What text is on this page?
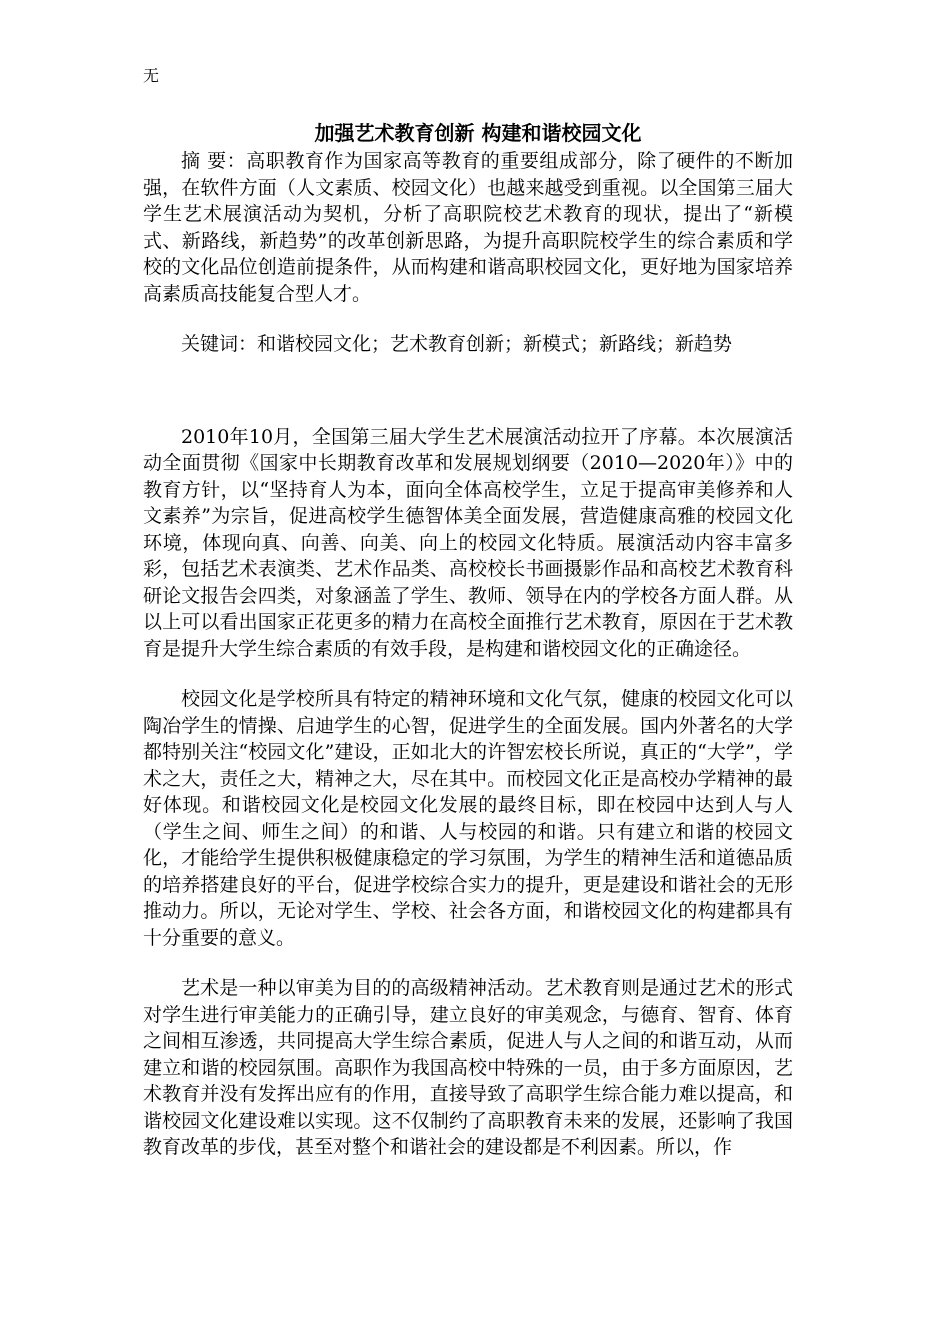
无
加强艺术教育创新 构建和谐校园文化

摘 要：高职教育作为国家高等教育的重要组成部分，除了硬件的不断加强，在软件方面（人文素质、校园文化）也越来越受到重视。以全国第三届大学生艺术展演活动为契机，分析了高职院校艺术教育的现状，提出了“新模式、新路线，新趋势”的改革创新思路，为提升高职院校学生的综合素质和学校的文化品位创造前提条件，从而构建和谐高职校园文化，更好地为国家培养高素质高技能复合型人才。

关键词：和谐校园文化；艺术教育创新；新模式；新路线；新趋势

2010年10月，全国第三届大学生艺术展演活动拉开了序幕。本次展演活动全面贯彻《国家中长期教育改革和发展规划纲要（2010—2020年）》中的教育方针，以“坚持育人为本，面向全体高校学生，立足于提高审美修养和人文素养”为宗旨，促进高校学生德智体美全面发展，营造健康高雅的校园文化环境，体现向真、向善、向美、向上的校园文化特质。展演活动内容丰富多彩，包括艺术表演类、艺术作品类、高校校长书画摄影作品和高校艺术教育科研论文报告会四类，对象涵盖了学生、教师、领导在内的学校各方面人群。从以上可以看出国家正花更多的精力在高校全面推行艺术教育，原因在于艺术教育是提升大学生综合素质的有效手段，是构建和谐校园文化的正确途径。

校园文化是学校所具有特定的精神环境和文化气氛，健康的校园文化可以陶冶学生的情操、启迪学生的心智，促进学生的全面发展。国内外著名的大学都特别关注“校园文化”建设，正如北大的许智宏校长所说，真正的“大学”，学术之大，责任之大，精神之大，尽在其中。而校园文化正是高校办学精神的最好体现。和谐校园文化是校园文化发展的最终目标，即在校园中达到人与人（学生之间、师生之间）的和谐、人与校园的和谐。只有建立和谐的校园文化，才能给学生提供积极健康稳定的学习氛围，为学生的精神生活和道德品质的培养搭建良好的平台，促进学校综合实力的提升，更是建设和谐社会的无形推动力。所以，无论对学生、学校、社会各方面，和谐校园文化的构建都具有十分重要的意义。

艺术是一种以审美为目的的高级精神活动。艺术教育则是通过艺术的形式对学生进行审美能力的正确引导，建立良好的审美观念，与德育、智育、体育之间相互渗透，共同提高大学生综合素质，促进人与人之间的和谐互动，从而建立和谐的校园氛围。高职作为我国高校中特殊的一员，由于多方面原因，艺术教育并没有发挥出应有的作用，直接导致了高职学生综合能力难以提高，和谐校园文化建设难以实现。这不仅制约了高职教育未来的发展，还影响了我国教育改革的步伐，甚至对整个和谐社会的建设都是不利因素。所以，作
